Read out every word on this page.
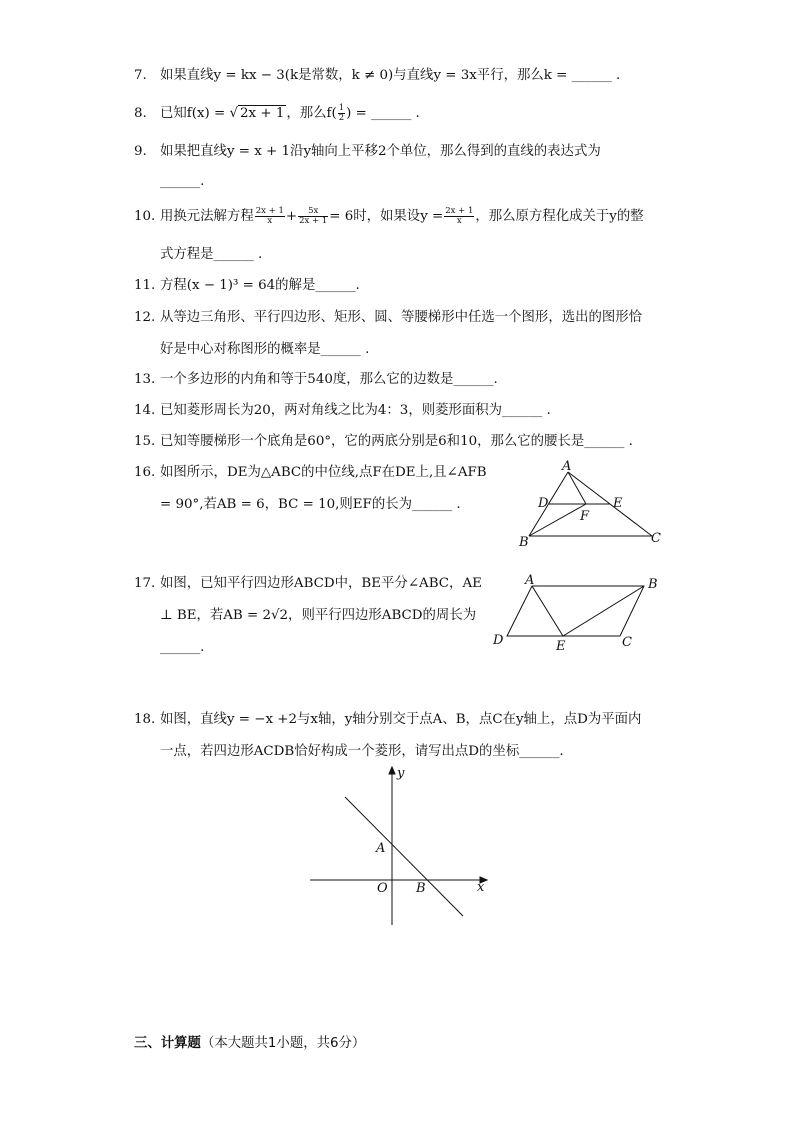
7. 如果直线y = kx − 3(k是常数，k ≠ 0)与直线y = 3x平行，那么k = ______ .
8. 已知f(x) = √ 2x + 1 ，那么$f( \frac{1}{2}$ ) = ______ .
9. 如果把直线y = x + 1沿y轴向上平移2个单位，那么得到的直线的表达式为
______.
10. 用换元法解方程 $\frac{2x + 1}{x} + \frac{5x}{2x + 1} = 6$时，如果设$y = \frac{2x + 1}{x}$ ，那么原方程化成关于y的整
式方程是______ .
11. 方程(x − 1)³ = 64的解是______.
12. 从等边三角形、平行四边形、矩形、圆、等腰梯形中任选一个图形，选出的图形恰
好是中心对称图形的概率是______ .
13. 一个多边形的内角和等于540度，那么它的边数是______.
14. 已知菱形周长为20，两对角线之比为4：3，则菱形面积为______ .
15. 已知等腰梯形一个底角是60°，它的两底分别是6和10，那么它的腰长是______ .
16. 如图所示，DE为△ABC的中位线,点F在DE上,且∠AFB
= 90°,若AB = 6，BC = 10,则EF的长为______ .
A
B	C
D	E
F
17. 如图，已知平行四边形ABCD中，BE平分∠ABC，AE
⊥ BE，若AB = 2√2，则平行四边形ABCD的周长为
______.
A	B
C
D	E
18. 如图，直线y = −x +2与x轴，y轴分别交于点A、B，点C在y轴上，点D为平面内
一点，若四边形ACDB恰好构成一个菱形，请写出点D的坐标______.
y
x
A
O B
三、计算题（本大题共1小题，共6分）
